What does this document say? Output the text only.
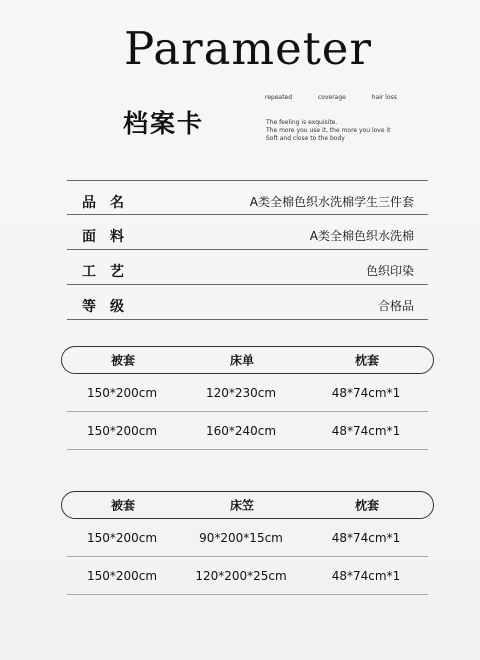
Parameter
档案卡
repeated	coverage	hair loss
The feeling is exquisite.
The more you use it, the more you love it
Soft and close to the body
品名	A类全棉色织水洗棉学生三件套
面料	A类全棉色织水洗棉
工艺	色织印染
等级	合格品
被套	床单	枕套
150*200cm	120*230cm	48*74cm*1
150*200cm	160*240cm	48*74cm*1
被套	床笠	枕套
150*200cm	90*200*15cm	48*74cm*1
150*200cm	120*200*25cm	48*74cm*1
